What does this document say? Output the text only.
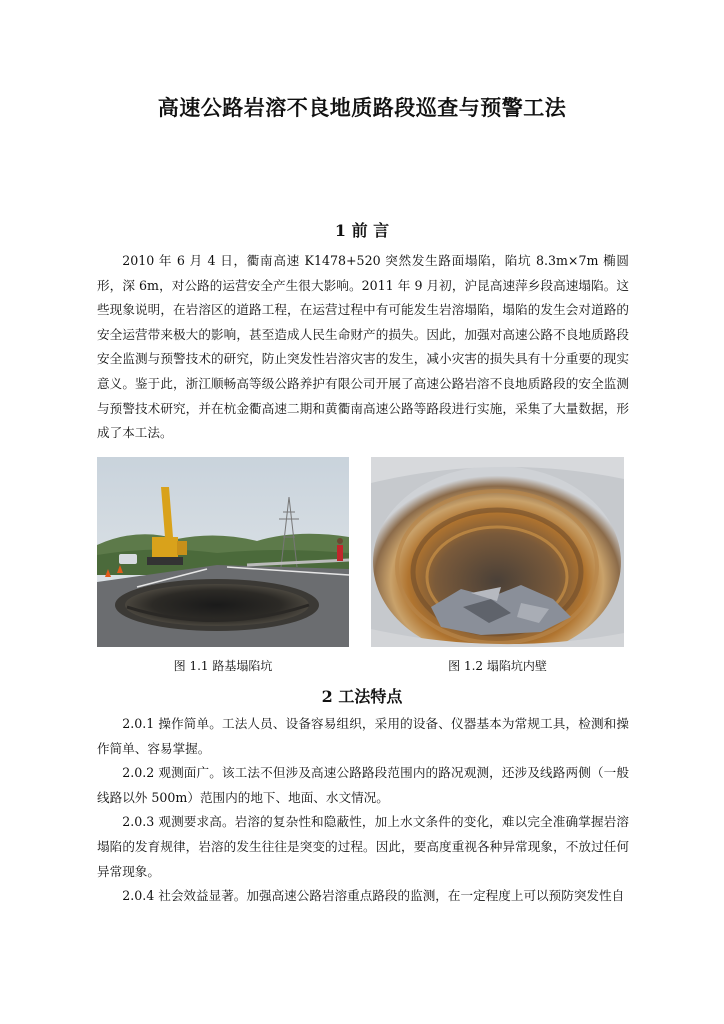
高速公路岩溶不良地质路段巡查与预警工法
1 前 言

2010 年 6 月 4 日，衢南高速 K1478+520 突然发生路面塌陷，陷坑 8.3m×7m 椭圆形，深 6m，对公路的运营安全产生很大影响。2011 年 9 月初，沪昆高速萍乡段高速塌陷。这些现象说明，在岩溶区的道路工程，在运营过程中有可能发生岩溶塌陷，塌陷的发生会对道路的安全运营带来极大的影响，甚至造成人民生命财产的损失。因此，加强对高速公路不良地质路段安全监测与预警技术的研究，防止突发性岩溶灾害的发生，减小灾害的损失具有十分重要的现实意义。鉴于此，浙江顺畅高等级公路养护有限公司开展了高速公路岩溶不良地质路段的安全监测与预警技术研究，并在杭金衢高速二期和黄衢南高速公路等路段进行实施，采集了大量数据，形成了本工法。

图 1.1 路基塌陷坑	图 1.2 塌陷坑内壁
2 工法特点

2.0.1 操作简单。工法人员、设备容易组织，采用的设备、仪器基本为常规工具，检测和操作简单、容易掌握。

2.0.2 观测面广。该工法不但涉及高速公路路段范围内的路况观测，还涉及线路两侧（一般线路以外 500m）范围内的地下、地面、水文情况。

2.0.3 观测要求高。岩溶的复杂性和隐蔽性，加上水文条件的变化，难以完全准确掌握岩溶塌陷的发育规律，岩溶的发生往往是突变的过程。因此，要高度重视各种异常现象，不放过任何异常现象。

2.0.4 社会效益显著。加强高速公路岩溶重点路段的监测，在一定程度上可以预防突发性自
